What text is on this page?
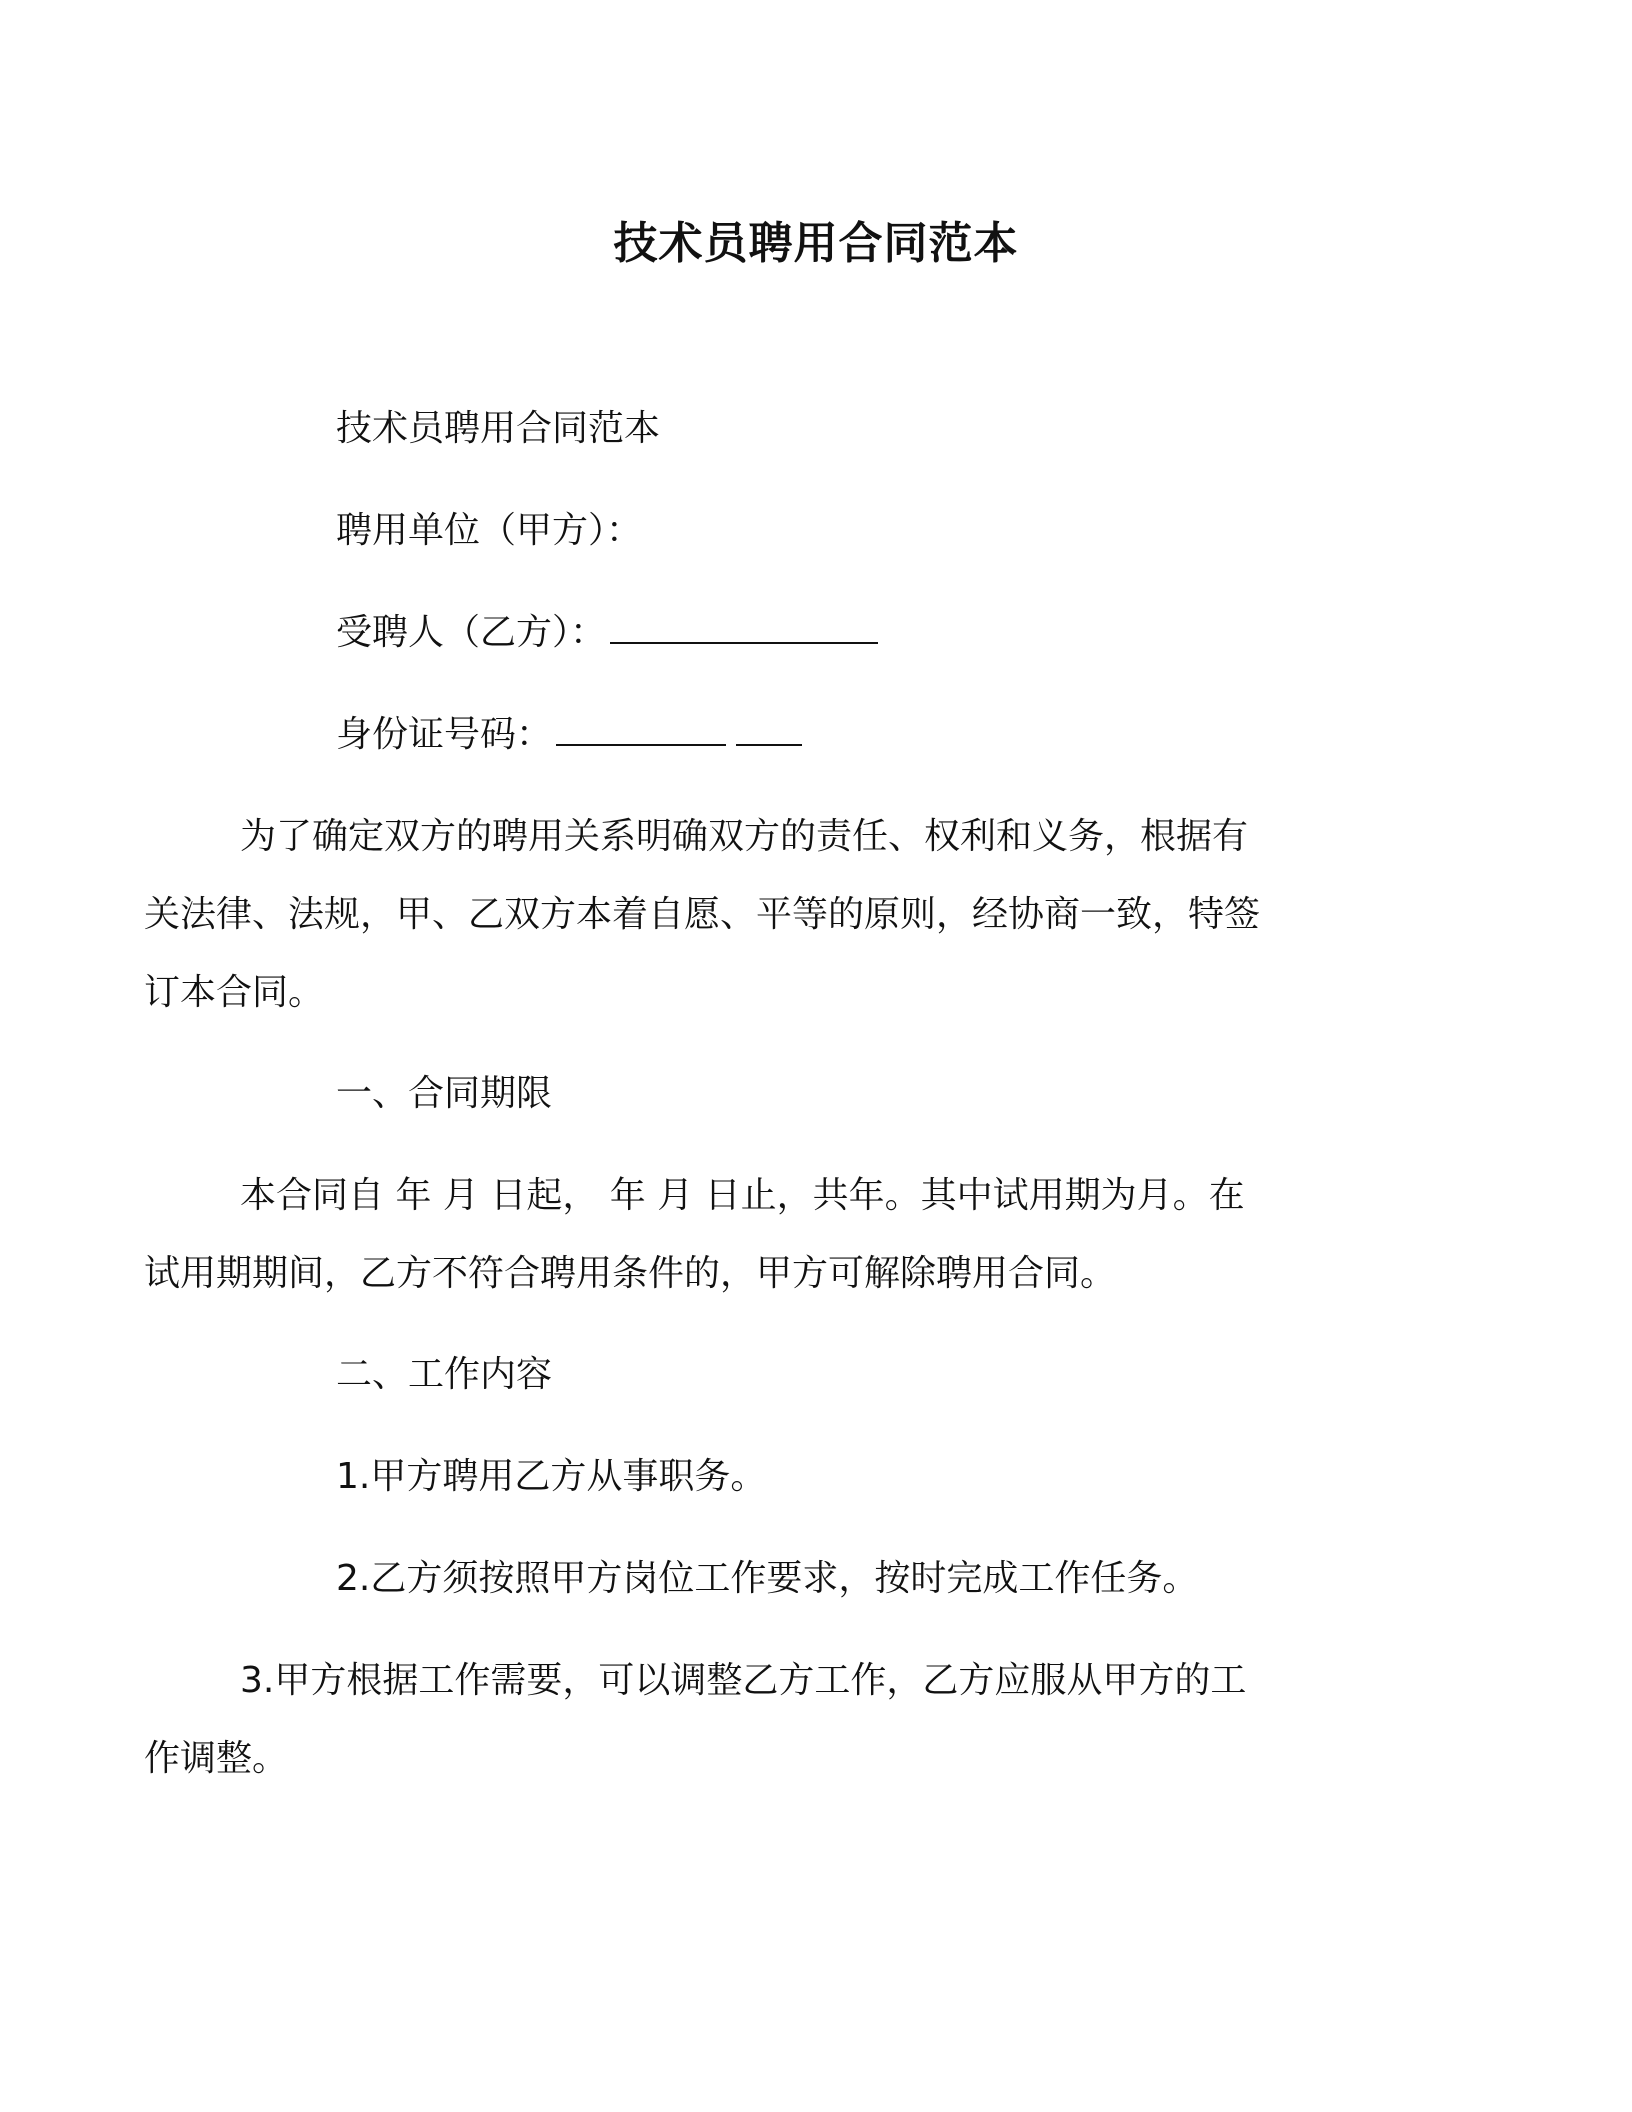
技术员聘用合同范本

技术员聘用合同范本

聘用单位（甲方）：

受聘人（乙方）：

身份证号码：

为了确定双方的聘用关系明确双方的责任、权利和义务，根据有关法律、法规，甲、乙双方本着自愿、平等的原则，经协商一致，特签订本合同。

一、合同期限

本合同自 年 月 日起， 年 月 日止，共年。其中试用期为月。在试用期期间，乙方不符合聘用条件的，甲方可解除聘用合同。

二、工作内容

1.甲方聘用乙方从事职务。

2.乙方须按照甲方岗位工作要求，按时完成工作任务。

3.甲方根据工作需要，可以调整乙方工作，乙方应服从甲方的工作调整。
